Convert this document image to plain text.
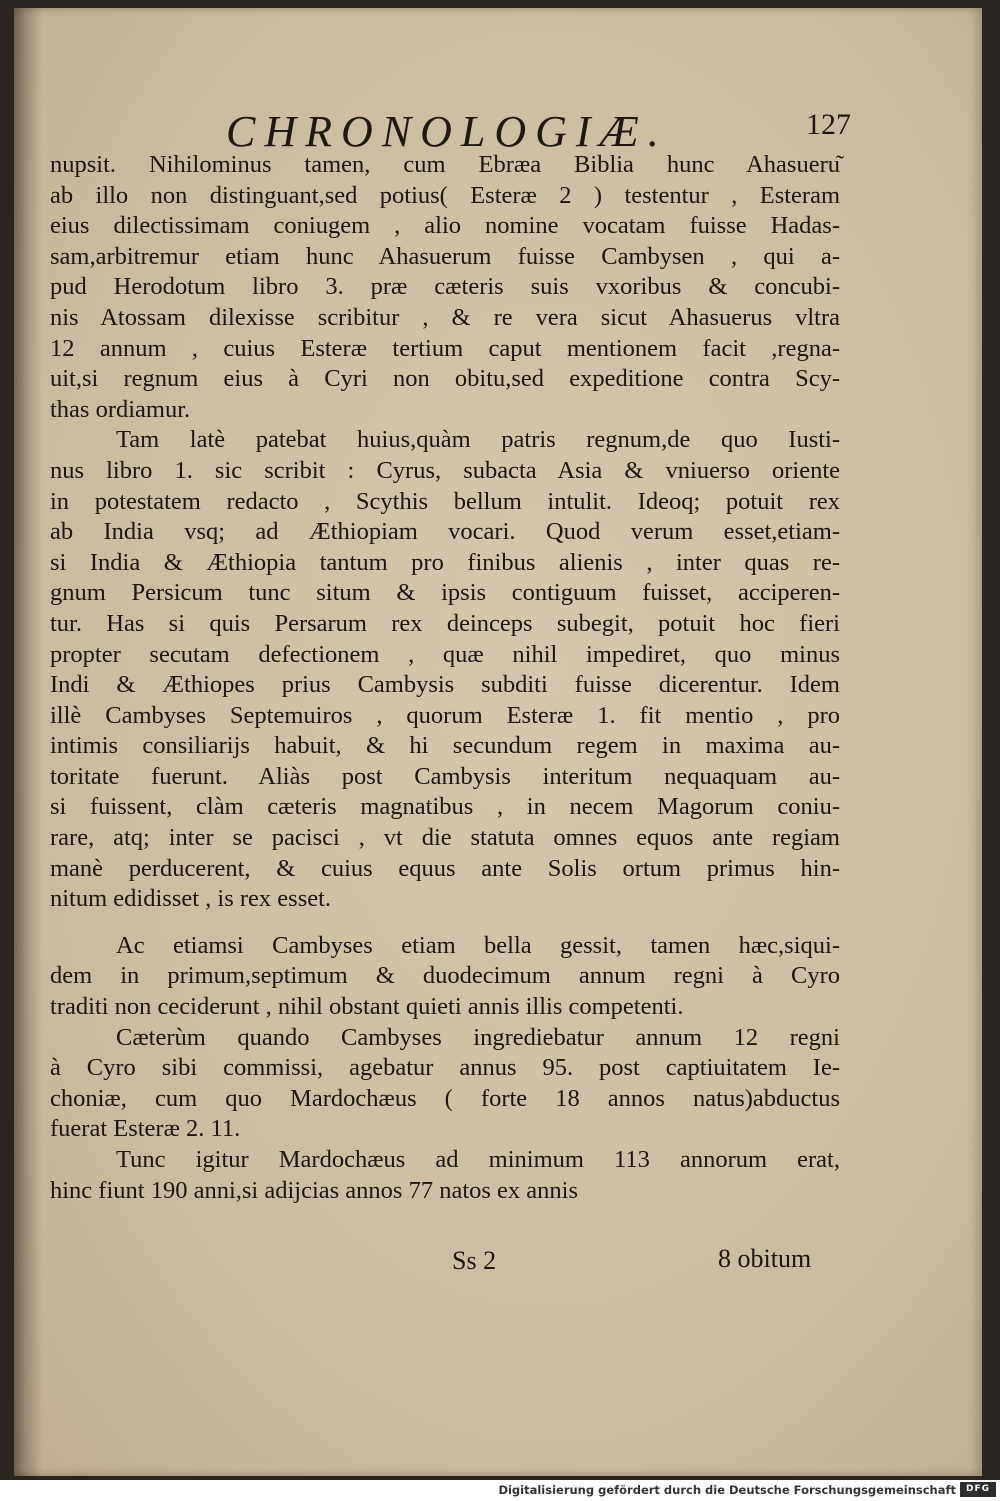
CHRONOLOGIÆ.	127
nupsit. Nihilominus tamen, cum Ebræa Biblia hunc Ahasueru͂
ab illo non distinguant,sed potius( Esteræ 2 ) testentur , Esteram
eius dilectissimam coniugem , alio nomine vocatam fuisse Hadas-
sam,arbitremur etiam hunc Ahasuerum fuisse Cambysen , qui a-
pud Herodotum libro 3. præ cæteris suis vxoribus & concubi-
nis Atossam dilexisse scribitur , & re vera sicut Ahasuerus vltra
12 annum , cuius Esteræ tertium caput mentionem facit ,regna-
uit,si regnum eius à Cyri non obitu,sed expeditione contra Scy-
thas ordiamur.
Tam latè patebat huius,quàm patris regnum,de quo Iusti-
nus libro 1. sic scribit : Cyrus, subacta Asia & vniuerso oriente
in potestatem redacto , Scythis bellum intulit. Ideoq; potuit rex
ab India vsq; ad Æthiopiam vocari. Quod verum esset,etiam-
si India & Æthiopia tantum pro finibus alienis , inter quas re-
gnum Persicum tunc situm & ipsis contiguum fuisset, acciperen-
tur. Has si quis Persarum rex deinceps subegit, potuit hoc fieri
propter secutam defectionem , quæ nihil impediret, quo minus
Indi & Æthiopes prius Cambysis subditi fuisse dicerentur. Idem
illè Cambyses Septemuiros , quorum Esteræ 1. fit mentio , pro
intimis consiliarijs habuit, & hi secundum regem in maxima au-
toritate fuerunt. Aliàs post Cambysis interitum nequaquam au-
si fuissent, clàm cæteris magnatibus , in necem Magorum coniu-
rare, atq; inter se pacisci , vt die statuta omnes equos ante regiam
manè perducerent, & cuius equus ante Solis ortum primus hin-
nitum edidisset , is rex esset.
Ac etiamsi Cambyses etiam bella gessit, tamen hæc,siqui-
dem in primum,septimum & duodecimum annum regni à Cyro
traditi non ceciderunt , nihil obstant quieti annis illis competenti.
Cæterùm quando Cambyses ingrediebatur annum 12 regni
à Cyro sibi commissi, agebatur annus 95. post captiuitatem Ie-
choniæ, cum quo Mardochæus ( forte 18 annos natus)abductus
fuerat Esteræ 2. 11.
Tunc igitur Mardochæus ad minimum 113 annorum erat,
hinc fiunt 190 anni,si adijcias annos 77 natos ex annis
Ss 2	8 obitum
Digitalisierung gefördert durch die Deutsche Forschungsgemeinschaft	DFG
